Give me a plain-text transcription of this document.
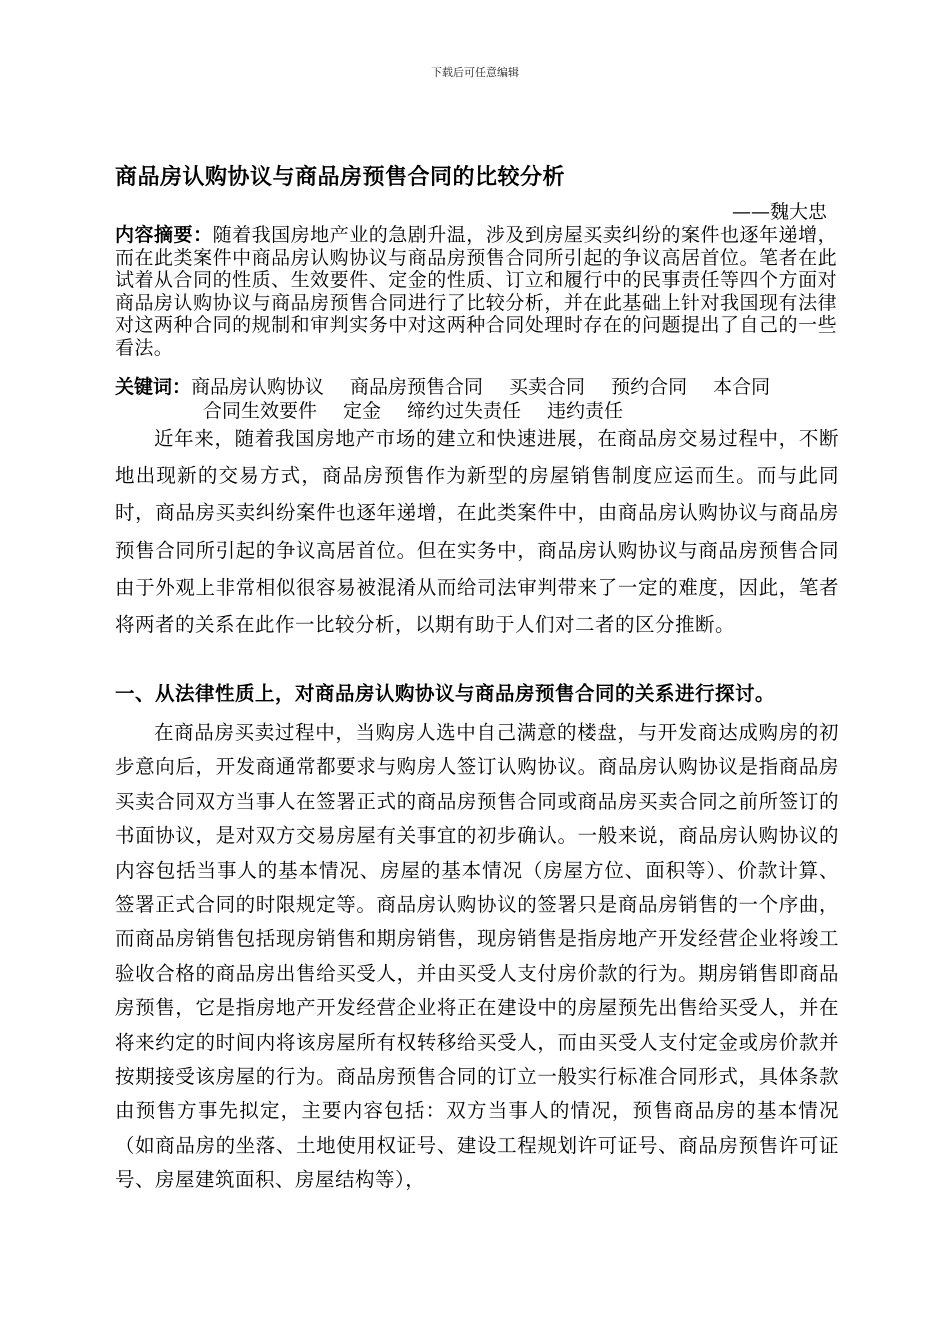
下载后可任意编辑
商品房认购协议与商品房预售合同的比较分析
——魏大忠
内容摘要：随着我国房地产业的急剧升温，涉及到房屋买卖纠纷的案件也逐年递增，而在此类案件中商品房认购协议与商品房预售合同所引起的争议高居首位。笔者在此试着从合同的性质、生效要件、定金的性质、订立和履行中的民事责任等四个方面对商品房认购协议与商品房预售合同进行了比较分析，并在此基础上针对我国现有法律对这两种合同的规制和审判实务中对这两种合同处理时存在的问题提出了自己的一些看法。
关键词：商品房认购协议 商品房预售合同 买卖合同 预约合同 本合同
合同生效要件 定金 缔约过失责任 违约责任

近年来，随着我国房地产市场的建立和快速进展，在商品房交易过程中，不断地出现新的交易方式，商品房预售作为新型的房屋销售制度应运而生。而与此同时，商品房买卖纠纷案件也逐年递增，在此类案件中，由商品房认购协议与商品房预售合同所引起的争议高居首位。但在实务中，商品房认购协议与商品房预售合同由于外观上非常相似很容易被混淆从而给司法审判带来了一定的难度，因此，笔者将两者的关系在此作一比较分析，以期有助于人们对二者的区分推断。

一、从法律性质上，对商品房认购协议与商品房预售合同的关系进行探讨。

在商品房买卖过程中，当购房人选中自己满意的楼盘，与开发商达成购房的初步意向后，开发商通常都要求与购房人签订认购协议。商品房认购协议是指商品房买卖合同双方当事人在签署正式的商品房预售合同或商品房买卖合同之前所签订的书面协议，是对双方交易房屋有关事宜的初步确认。一般来说，商品房认购协议的内容包括当事人的基本情况、房屋的基本情况（房屋方位、面积等）、价款计算、签署正式合同的时限规定等。商品房认购协议的签署只是商品房销售的一个序曲，而商品房销售包括现房销售和期房销售，现房销售是指房地产开发经营企业将竣工验收合格的商品房出售给买受人，并由买受人支付房价款的行为。期房销售即商品房预售，它是指房地产开发经营企业将正在建设中的房屋预先出售给买受人，并在将来约定的时间内将该房屋所有权转移给买受人，而由买受人支付定金或房价款并按期接受该房屋的行为。商品房预售合同的订立一般实行标准合同形式，具体条款由预售方事先拟定，主要内容包括：双方当事人的情况，预售商品房的基本情况（如商品房的坐落、土地使用权证号、建设工程规划许可证号、商品房预售许可证号、房屋建筑面积、房屋结构等），
